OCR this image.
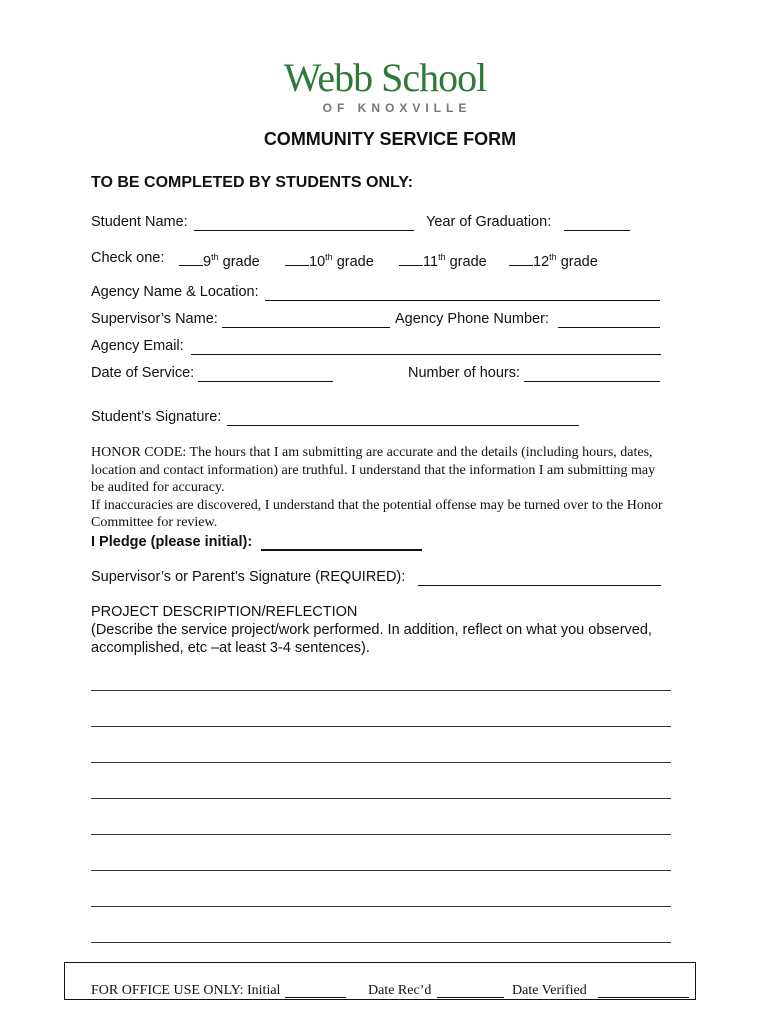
Webb School
OF KNOXVILLE
COMMUNITY SERVICE FORM
TO BE COMPLETED BY STUDENTS ONLY:
Student Name:	Year of Graduation:
Check one:	9th grade	10th grade	11th grade	12th grade
Agency Name & Location:
Supervisor’s Name:	Agency Phone Number:
Agency Email:
Date of Service:	Number of hours:
Student’s Signature:
HONOR CODE: The hours that I am submitting are accurate and the details (including hours, dates, location and contact information) are truthful. I understand that the information I am submitting may be audited for accuracy.
If inaccuracies are discovered, I understand that the potential offense may be turned over to the Honor Committee for review.
I Pledge (please initial):
Supervisor’s or Parent’s Signature (REQUIRED):
PROJECT DESCRIPTION/REFLECTION
(Describe the service project/work performed. In addition, reflect on what you observed, accomplished, etc –at least 3-4 sentences).
FOR OFFICE USE ONLY: Initial	Date Rec’d	Date Verified
